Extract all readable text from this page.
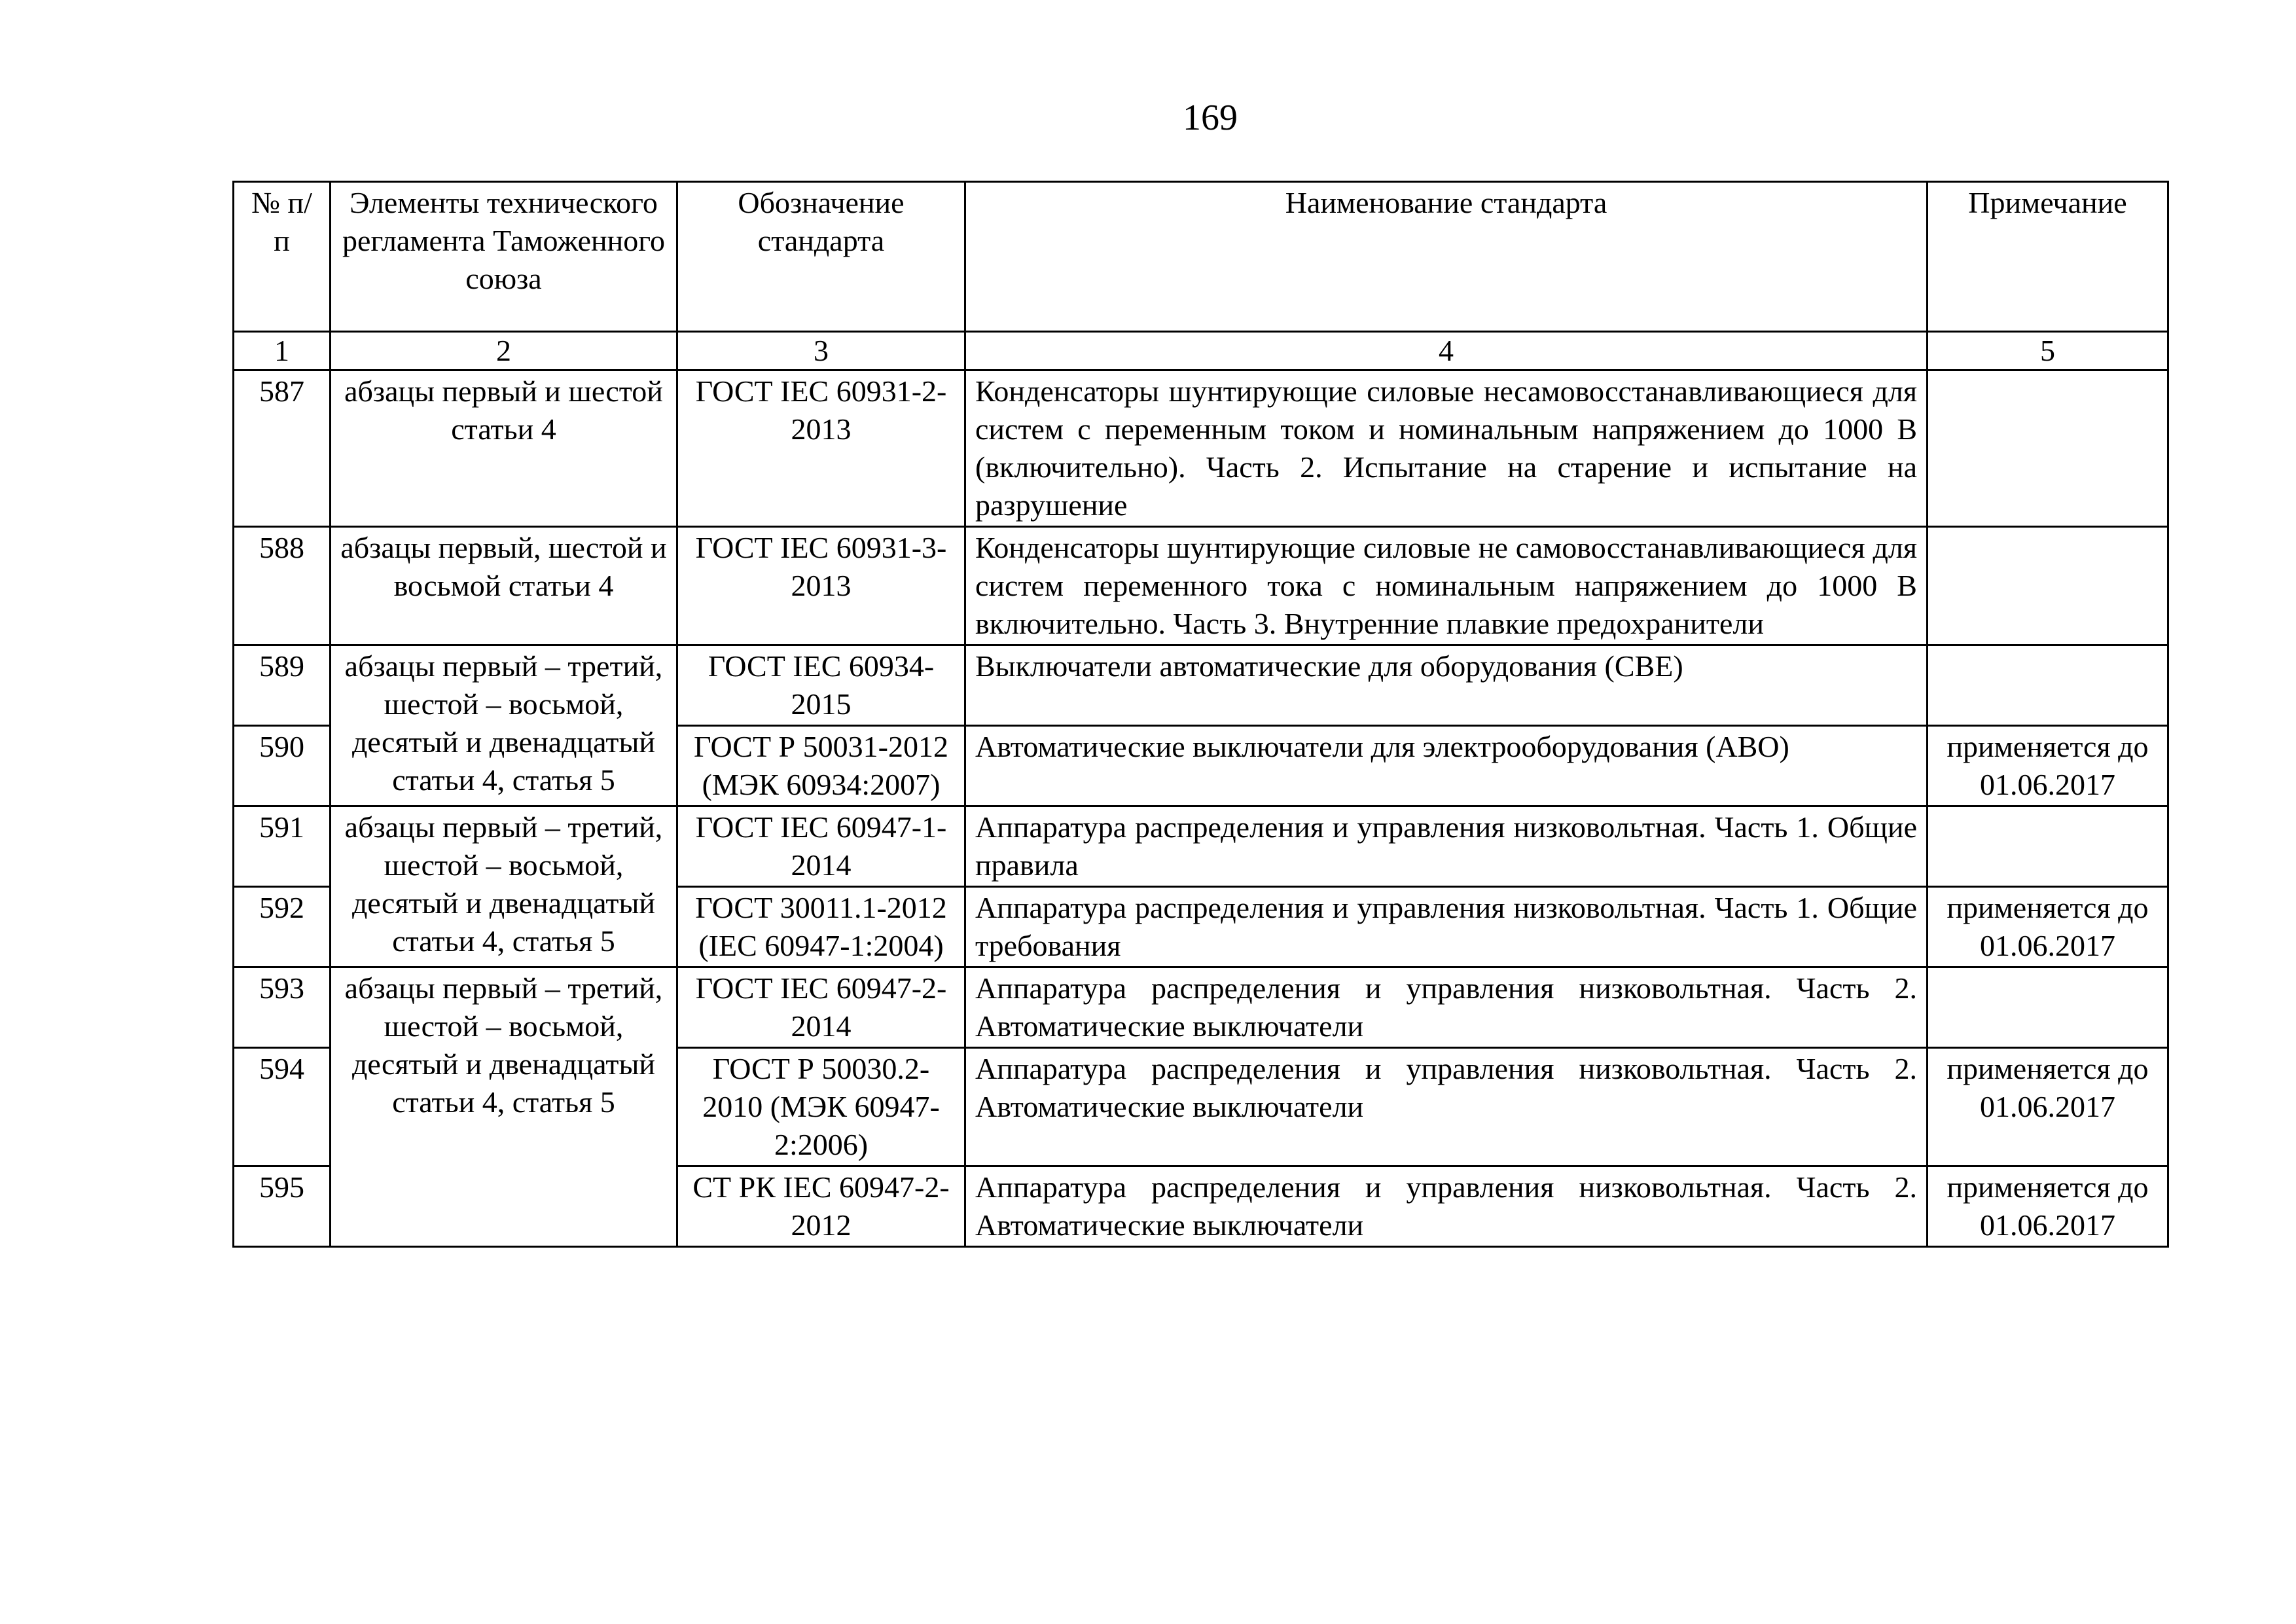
169
№ п/п	Элементы технического регламента Таможенного союза	Обозначение стандарта	Наименование стандарта	Примечание
1	2	3	4	5
587	абзацы первый и шестой статьи 4	ГОСТ IEC 60931-2-2013	Конденсаторы шунтирующие силовые несамовосстанавливающиеся для систем с переменным током и номинальным напряжением до 1000 В (включительно). Часть 2. Испытание на старение и испытание на разрушение	
588	абзацы первый, шестой и восьмой статьи 4	ГОСТ IEC 60931-3-2013	Конденсаторы шунтирующие силовые не самовосстанавливающиеся для систем переменного тока с номинальным напряжением до 1000 В включительно. Часть 3. Внутренние плавкие предохранители	
589	абзацы первый – третий, шестой – восьмой, десятый и двенадцатый статьи 4, статья 5	ГОСТ IEC 60934-2015	Выключатели автоматические для оборудования (CBE)	
590		ГОСТ Р 50031-2012 (МЭК 60934:2007)	Автоматические выключатели для электрооборудования (АВО)	применяется до 01.06.2017
591	абзацы первый – третий, шестой – восьмой, десятый и двенадцатый статьи 4, статья 5	ГОСТ IEC 60947-1-2014	Аппаратура распределения и управления низковольтная. Часть 1. Общие правила	
592		ГОСТ 30011.1-2012 (IEC 60947-1:2004)	Аппаратура распределения и управления низковольтная. Часть 1. Общие требования	применяется до 01.06.2017
593	абзацы первый – третий, шестой – восьмой, десятый и двенадцатый статьи 4, статья 5	ГОСТ IEC 60947-2-2014	Аппаратура распределения и управления низковольтная. Часть 2. Автоматические выключатели	
594		ГОСТ Р 50030.2-2010 (МЭК 60947-2:2006)	Аппаратура распределения и управления низковольтная. Часть 2. Автоматические выключатели	применяется до 01.06.2017
595		СТ РК IEC 60947-2-2012	Аппаратура распределения и управления низковольтная. Часть 2. Автоматические выключатели	применяется до 01.06.2017
